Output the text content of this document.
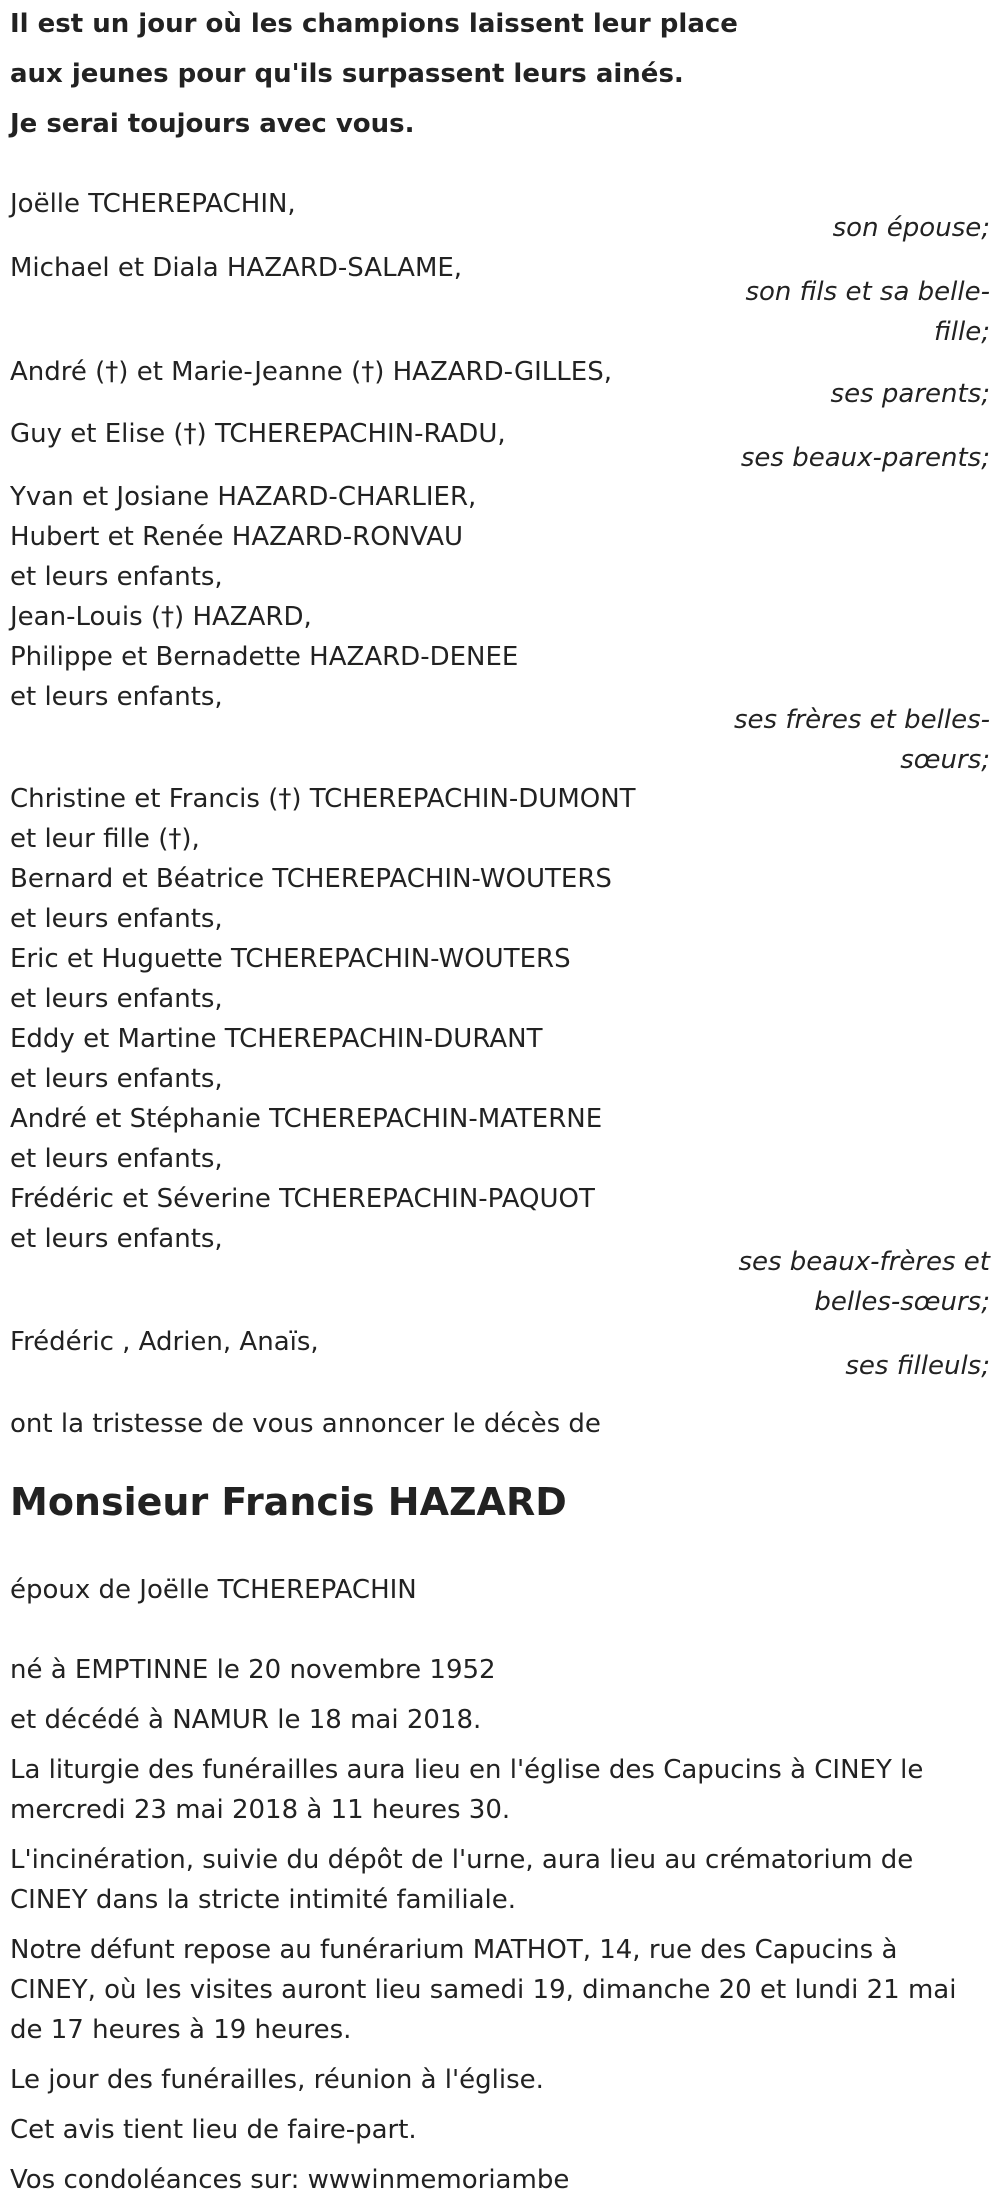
Il est un jour où les champions laissent leur place
aux jeunes pour qu'ils surpassent leurs ainés.
Je serai toujours avec vous.
Joëlle TCHEREPACHIN,
son épouse;
Michael et Diala HAZARD-SALAME,
son fils et sa belle-
fille;
André (†) et Marie-Jeanne (†) HAZARD-GILLES,
ses parents;
Guy et Elise (†) TCHEREPACHIN-RADU,
ses beaux-parents;
Yvan et Josiane HAZARD-CHARLIER,
Hubert et Renée HAZARD-RONVAU
et leurs enfants,
Jean-Louis (†) HAZARD,
Philippe et Bernadette HAZARD-DENEE
et leurs enfants,
ses frères et belles-
sœurs;
Christine et Francis (†) TCHEREPACHIN-DUMONT
et leur fille (†),
Bernard et Béatrice TCHEREPACHIN-WOUTERS
et leurs enfants,
Eric et Huguette TCHEREPACHIN-WOUTERS
et leurs enfants,
Eddy et Martine TCHEREPACHIN-DURANT
et leurs enfants,
André et Stéphanie TCHEREPACHIN-MATERNE
et leurs enfants,
Frédéric et Séverine TCHEREPACHIN-PAQUOT
et leurs enfants,
ses beaux-frères et
belles-sœurs;
Frédéric , Adrien, Anaïs,
ses filleuls;
ont la tristesse de vous annoncer le décès de
Monsieur Francis HAZARD
époux de Joëlle TCHEREPACHIN
né à EMPTINNE le 20 novembre 1952
et décédé à NAMUR le 18 mai 2018.
La liturgie des funérailles aura lieu en l'église des Capucins à CINEY le
mercredi 23 mai 2018 à 11 heures 30.
L'incinération, suivie du dépôt de l'urne, aura lieu au crématorium de
CINEY dans la stricte intimité familiale.
Notre défunt repose au funérarium MATHOT, 14, rue des Capucins à
CINEY, où les visites auront lieu samedi 19, dimanche 20 et lundi 21 mai
de 17 heures à 19 heures.
Le jour des funérailles, réunion à l'église.
Cet avis tient lieu de faire-part.
Vos condoléances sur: wwwinmemoriambe
